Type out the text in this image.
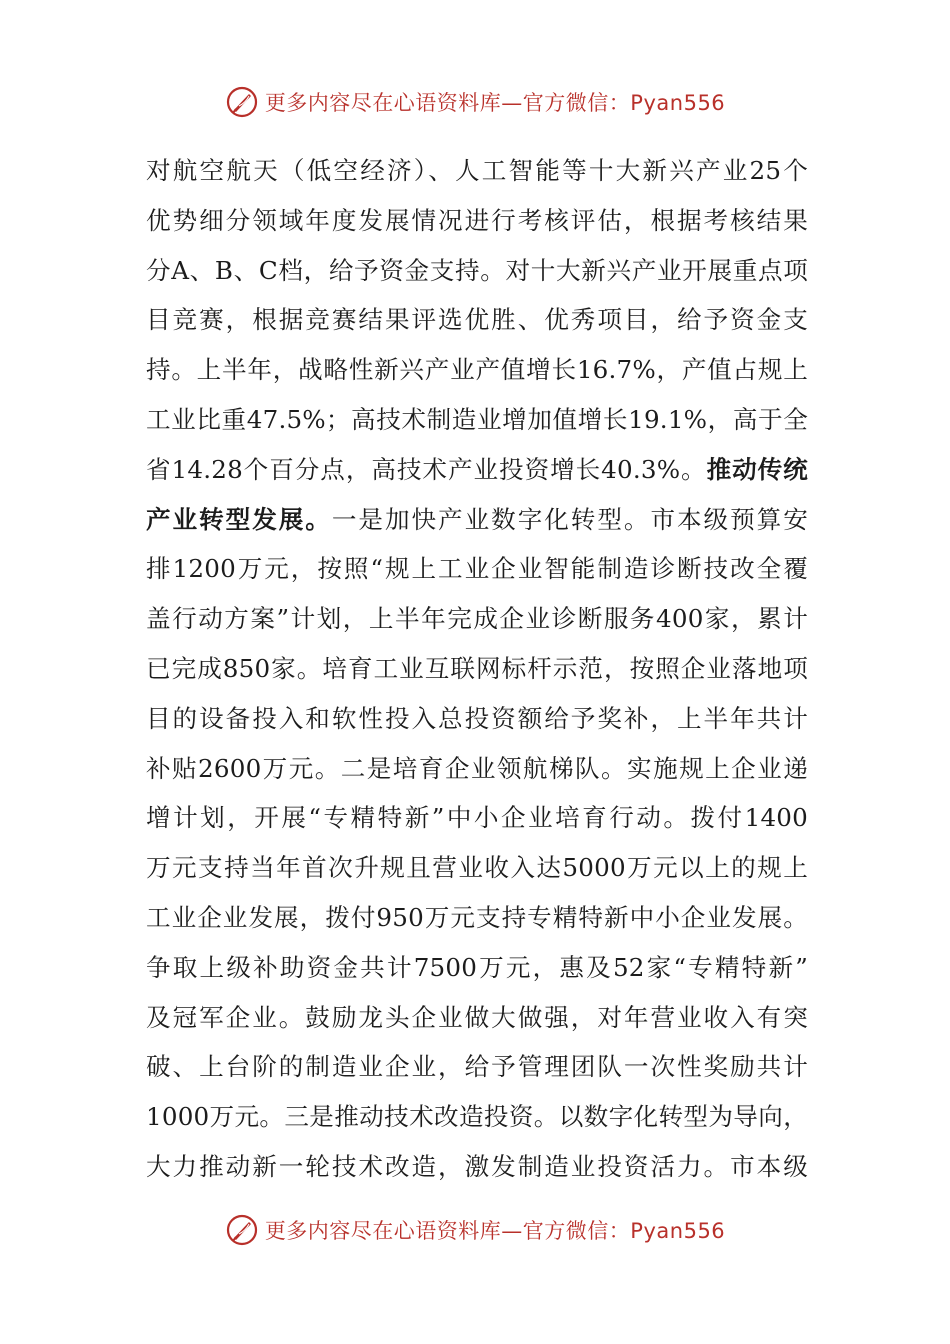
更多内容尽在心语资料库—官方微信：Pyan556
对航空航天（低空经济）、人工智能等十大新兴产业25个
优势细分领域年度发展情况进行考核评估，根据考核结果
分A、B、C档，给予资金支持。对十大新兴产业开展重点项
目竞赛，根据竞赛结果评选优胜、优秀项目，给予资金支
持。上半年，战略性新兴产业产值增长16.7%，产值占规上
工业比重47.5%；高技术制造业增加值增长19.1%，高于全
省14.28个百分点，高技术产业投资增长40.3%。推动传统
产业转型发展。一是加快产业数字化转型。市本级预算安
排1200万元，按照“规上工业企业智能制造诊断技改全覆
盖行动方案”计划，上半年完成企业诊断服务400家，累计
已完成850家。培育工业互联网标杆示范，按照企业落地项
目的设备投入和软性投入总投资额给予奖补，上半年共计
补贴2600万元。二是培育企业领航梯队。实施规上企业递
增计划，开展“专精特新”中小企业培育行动。拨付1400
万元支持当年首次升规且营业收入达5000万元以上的规上
工业企业发展，拨付950万元支持专精特新中小企业发展。
争取上级补助资金共计7500万元，惠及52家“专精特新”
及冠军企业。鼓励龙头企业做大做强，对年营业收入有突
破、上台阶的制造业企业，给予管理团队一次性奖励共计
1000万元。三是推动技术改造投资。以数字化转型为导向，
大力推动新一轮技术改造，激发制造业投资活力。市本级
更多内容尽在心语资料库—官方微信：Pyan556
